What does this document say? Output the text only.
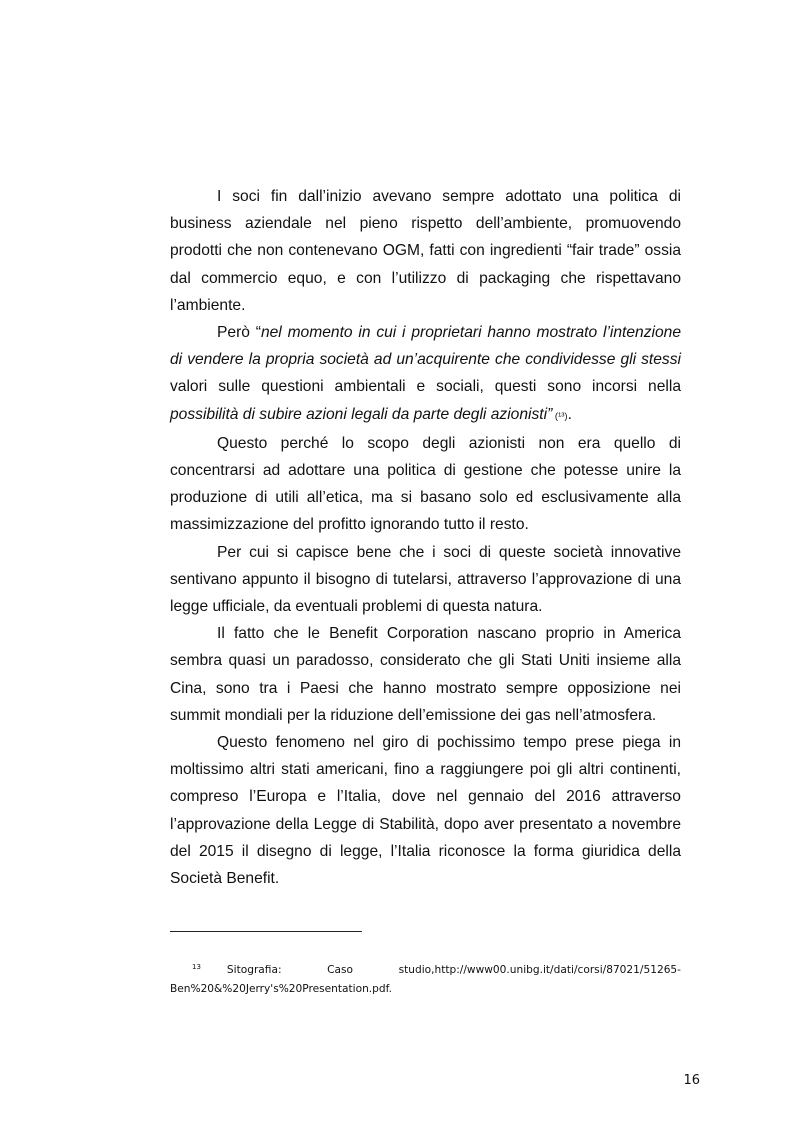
I soci fin dall’inizio avevano sempre adottato una politica di business aziendale nel pieno rispetto dell’ambiente, promuovendo prodotti che non contenevano OGM, fatti con ingredienti “fair trade” ossia dal commercio equo, e con l’utilizzo di packaging che rispettavano l’ambiente.

Però “nel momento in cui i proprietari hanno mostrato l’intenzione di vendere la propria società ad un’acquirente che condividesse gli stessi valori sulle questioni ambientali e sociali, questi sono incorsi nella possibilità di subire azioni legali da parte degli azionisti” (¹³).

Questo perché lo scopo degli azionisti non era quello di concentrarsi ad adottare una politica di gestione che potesse unire la produzione di utili all’etica, ma si basano solo ed esclusivamente alla massimizzazione del profitto ignorando tutto il resto.

Per cui si capisce bene che i soci di queste società innovative sentivano appunto il bisogno di tutelarsi, attraverso l’approvazione di una legge ufficiale, da eventuali problemi di questa natura.

Il fatto che le Benefit Corporation nascano proprio in America sembra quasi un paradosso, considerato che gli Stati Uniti insieme alla Cina, sono tra i Paesi che hanno mostrato sempre opposizione nei summit mondiali per la riduzione dell’emissione dei gas nell’atmosfera.

Questo fenomeno nel giro di pochissimo tempo prese piega in moltissimo altri stati americani, fino a raggiungere poi gli altri continenti, compreso l’Europa e l’Italia, dove nel gennaio del 2016 attraverso l’approvazione della Legge di Stabilità, dopo aver presentato a novembre del 2015 il disegno di legge, l’Italia riconosce la forma giuridica della Società Benefit.

$^{13}$ Sitografia: Caso studio,http://www00.unibg.it/dati/corsi/87021/51265-Ben%20&%20Jerry's%20Presentation.pdf.
16
